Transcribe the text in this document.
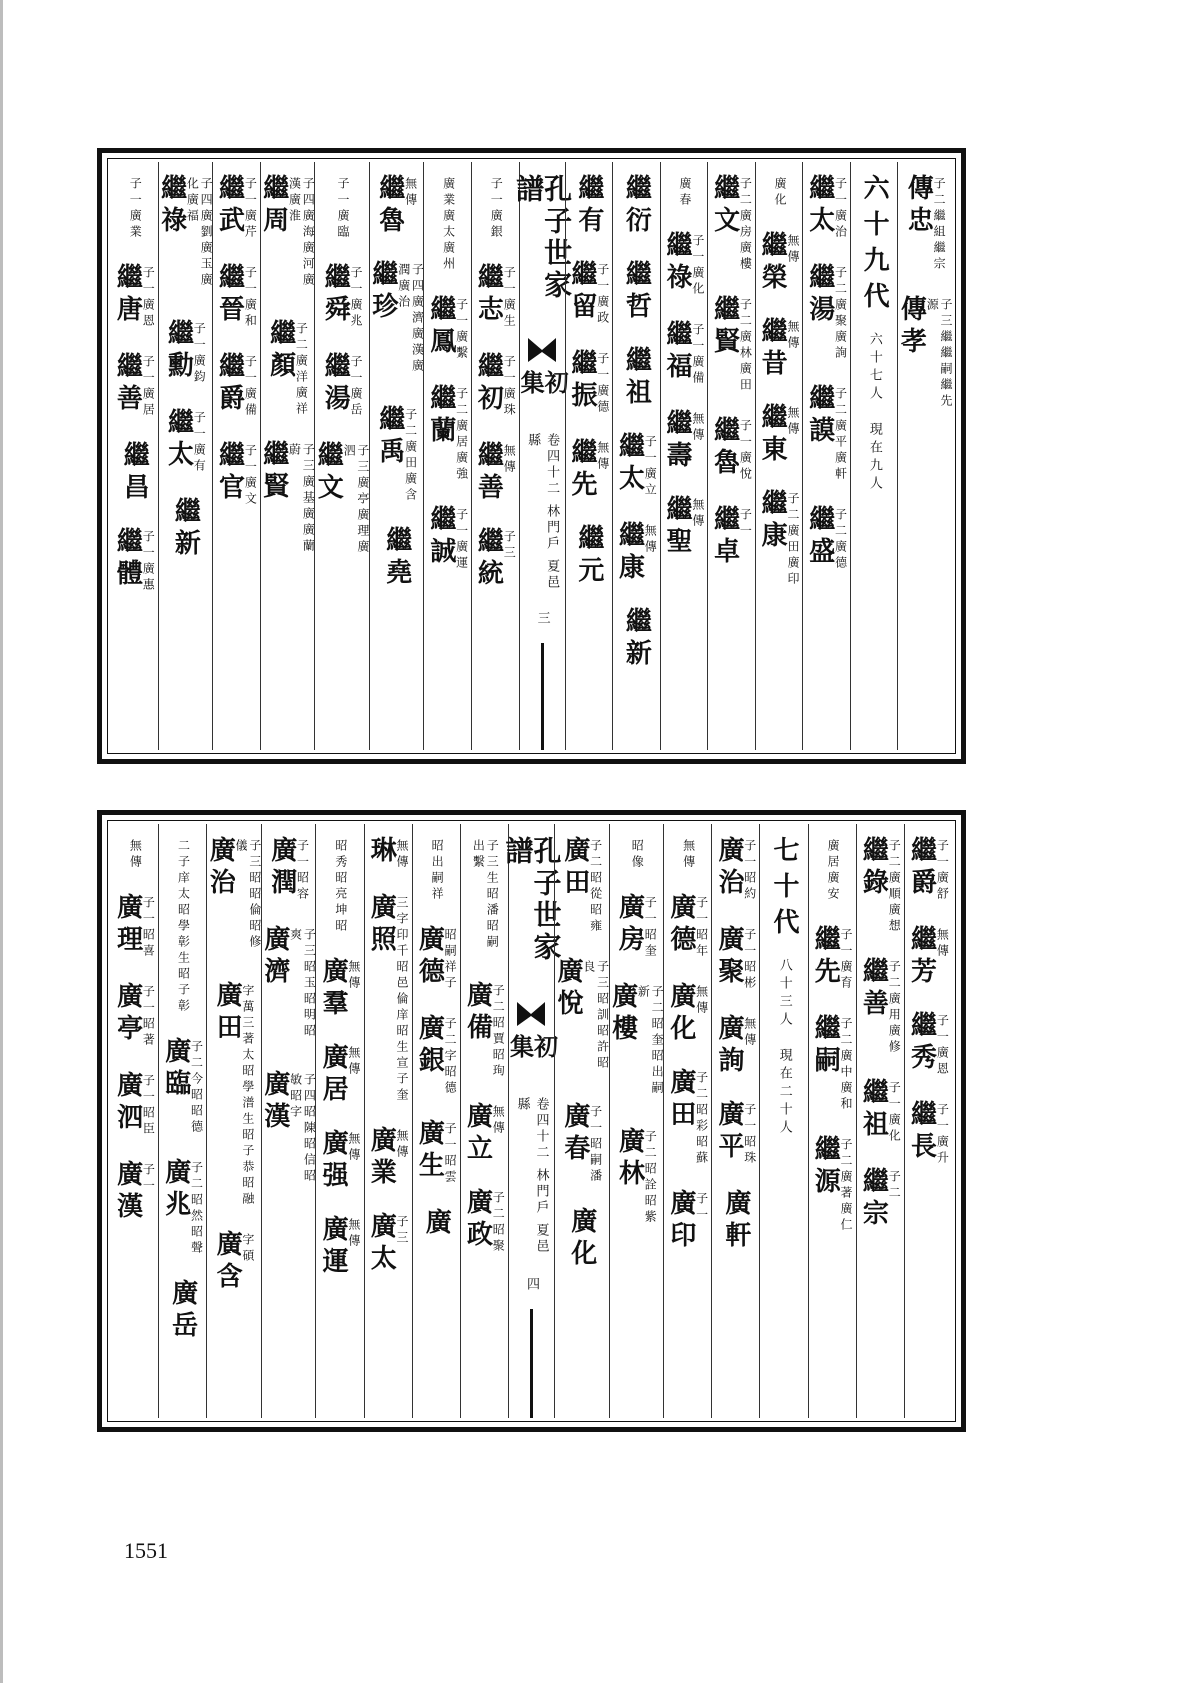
傳忠
子二繼組繼宗
傳孝	子三繼繼嗣繼先源
六十九代
六十七人　現在九人
繼太
子一廣治
繼湯
子二廣聚廣詢
繼謨
子二廣平廣軒
繼盛
子二廣德
廣化
繼榮
無傳
繼昔
無傳
繼東
無傳
繼康
子二廣田廣印
繼文
子二廣房廣樓
繼賢
子二廣林廣田
繼魯
子一廣悅
繼卓
子一
廣春
繼祿
子一廣化
繼福
子一廣備
繼壽
無傳
繼聖
無傳
繼衍
繼哲
繼祖
繼太
子一廣立
繼康
無傳
繼新
繼有
繼留
子一廣政
繼振
子一廣德
繼先
無傳
繼元
孔子世家譜
初集
卷四十二 林門戶 夏邑縣
三
子一廣銀
繼志
子一廣生
繼初
子一廣珠
繼善
無傳
繼統
子三
廣業廣太廣州
繼鳳
子一廣繫
繼蘭
子二廣居廣強
繼誠
子一廣運
繼魯
無傳
繼珍	子四廣濟廣漢廣潤廣治
繼禹
子二廣田廣含
繼堯
子一廣臨
繼舜
子一廣兆
繼湯
子一廣岳
繼文	子三廣亭廣理廣泗
繼周	子四廣海廣河廣漢廣淮
繼顏
子二廣洋廣祥
繼賢	子三廣基廣廣蘭蔚
繼武
子一廣芹
繼晉
子一廣和
繼爵
子一廣備
繼官
子一廣文
繼祿	子四廣劉廣玉廣化廣福
繼勳
子一廣鈞
繼太
子一廣有
繼新
子一廣業
繼唐
子一廣恩
繼善
子一廣居
繼昌
繼體
子一廣惠
繼爵
子一廣舒
繼芳
無傳
繼秀
子一廣恩
繼長
子一廣升
繼錄
子二廣順廣想
繼善
子二廣用廣修
繼祖
子一廣化
繼宗
子二
廣居廣安
繼先
子一廣育
繼嗣
子二廣中廣和
繼源
子二廣著廣仁
七十代
八十三人　現在二十人
廣治
子一昭約
廣聚
子一昭彬
廣詢
無傳
廣平
子一昭珠
廣軒
無傳
廣德
子一昭年
廣化
無傳
廣田
子二昭彩昭蘇
廣印
子一
昭像
廣房
子一昭奎
廣樓	子二昭奎昭出嗣新
廣林
子二昭詮昭紫
廣田
子二昭從昭雍
廣悅	子三昭訓昭許昭良
廣春
子一昭嗣潘
廣化
孔子世家譜
初集
卷四十二 林門戶 夏邑縣
四
子三生昭潘昭嗣出繫
廣備
子二昭賈昭珣
廣立
無傳
廣政
子二昭聚
昭出嗣祥
廣德
昭嗣祥子
廣銀
子二字昭德
廣生
子一昭雲
廣
琳
無傳
廣照
三字印千昭邑倫庠昭生宣子奎
廣業
無傳
廣太
子三
昭秀昭亮坤昭
廣羣
無傳
廣居
無傳
廣强
無傳
廣運
無傳
廣潤
子一昭容
廣濟	子三昭玉昭明昭爽
廣漢	子四昭陳昭信昭敏昭字
廣治	子三昭昭倫昭修儀
廣田
字萬三著太昭學潽生昭子恭昭融
廣含
字碩
二子庠太昭學彰生昭子彰
廣臨
子二今昭昭德
廣兆
子二昭然昭聲
廣岳
無傳
廣理
子一昭喜
廣亭
子一昭著
廣泗
子一昭臣
廣漢
子一
1551
